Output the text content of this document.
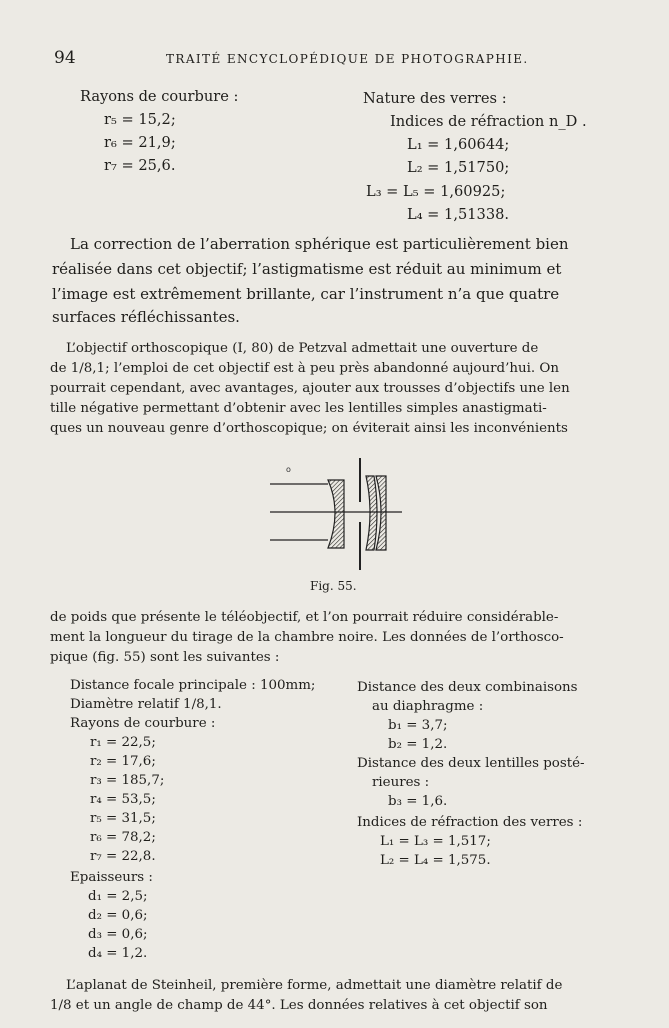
94	TRAITÉ ENCYCLOPÉDIQUE DE PHOTOGRAPHIE.
Rayons de courbure :
r₅ = 15,2;
r₆ = 21,9;
r₇ = 25,6.
Nature des verres :
Indices de réfraction n_D .
L₁ = 1,60644;
L₂ = 1,51750;
L₃ = L₅ = 1,60925;
L₄ = 1,51338.
La correction de l’aberration sphérique est particulièrement bien
réalisée dans cet objectif; l’astigmatisme est réduit au minimum et
l’image est extrêmement brillante, car l’instrument n’a que quatre
surfaces réfléchissantes.
L’objectif orthoscopique (I, 80) de Petzval admettait une ouverture de
de 1/8,1; l’emploi de cet objectif est à peu près abandonné aujourd’hui. On
pourrait cependant, avec avantages, ajouter aux trousses d’objectifs une len
tille négative permettant d’obtenir avec les lentilles simples anastigmati-
ques un nouveau genre d’orthoscopique; on éviterait ainsi les inconvénients
o
Fig. 55.
de poids que présente le téléobjectif, et l’on pourrait réduire considérable-
ment la longueur du tirage de la chambre noire. Les données de l’orthosco-
pique (fig. 55) sont les suivantes :
Distance focale principale : 100mm;
Diamètre relatif 1/8,1.
Rayons de courbure :
r₁ = 22,5;
r₂ = 17,6;
r₃ = 185,7;
r₄ = 53,5;
r₅ = 31,5;
r₆ = 78,2;
r₇ = 22,8.
Epaisseurs :
d₁ = 2,5;
d₂ = 0,6;
d₃ = 0,6;
d₄ = 1,2.
Distance des deux combinaisons
au diaphragme :
b₁ = 3,7;
b₂ = 1,2.
Distance des deux lentilles posté-
rieures :
b₃ = 1,6.
Indices de réfraction des verres :
L₁ = L₃ = 1,517;
L₂ = L₄ = 1,575.
L’aplanat de Steinheil, première forme, admettait une diamètre relatif de
1/8 et un angle de champ de 44°. Les données relatives à cet objectif son
